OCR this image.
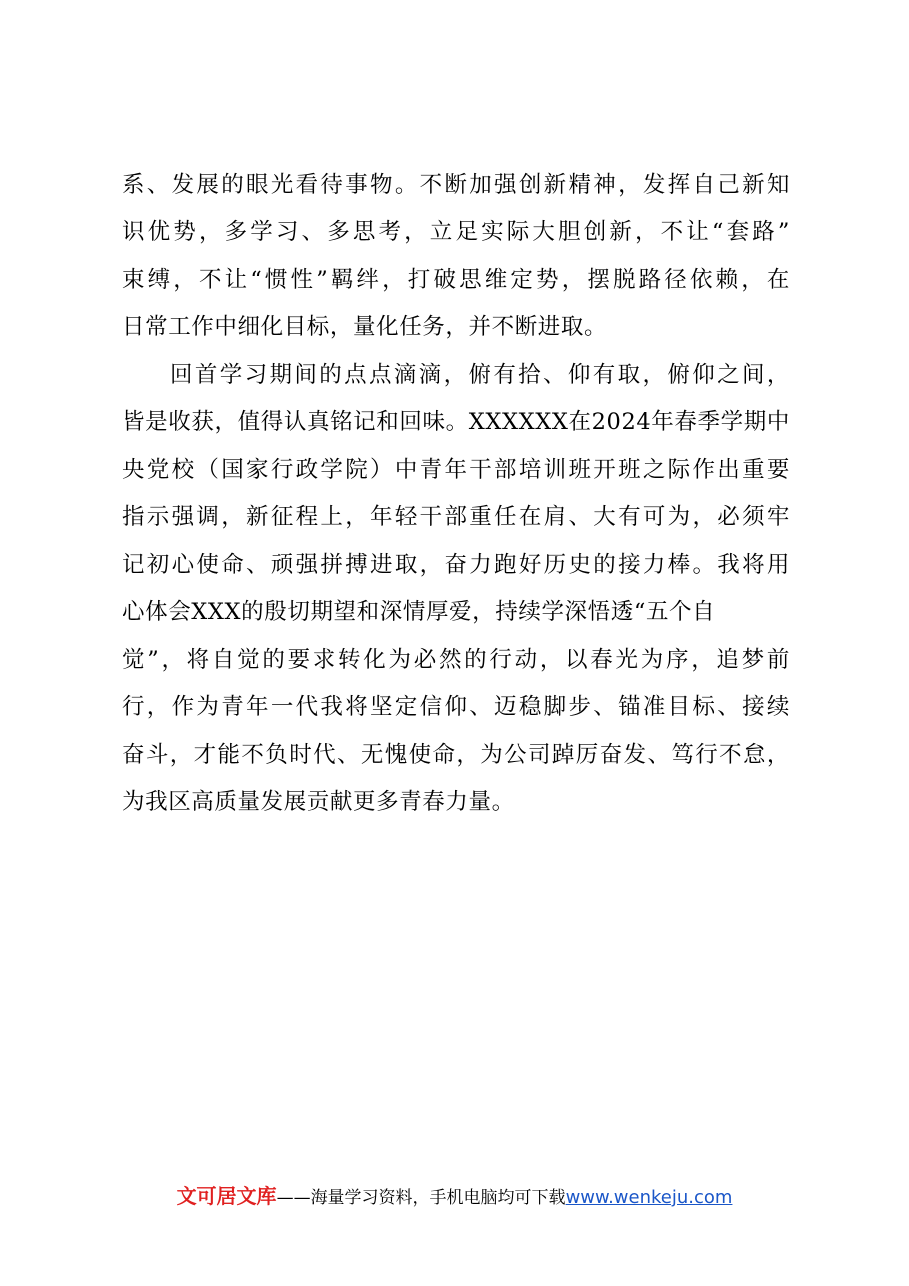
系、发展的眼光看待事物。不断加强创新精神，发挥自己新知
识优势，多学习、多思考，立足实际大胆创新，不让“套路”
束缚，不让“惯性”羁绊，打破思维定势，摆脱路径依赖，在
日常工作中细化目标，量化任务，并不断进取。
回首学习期间的点点滴滴，俯有拾、仰有取，俯仰之间，
皆是收获，值得认真铭记和回味。XXXXXX在2024年春季学期中
央党校（国家行政学院）中青年干部培训班开班之际作出重要
指示强调，新征程上，年轻干部重任在肩、大有可为，必须牢
记初心使命、顽强拼搏进取，奋力跑好历史的接力棒。我将用
心体会XXX的殷切期望和深情厚爱，持续学深悟透“五个自
觉”，将自觉的要求转化为必然的行动，以春光为序，追梦前
行，作为青年一代我将坚定信仰、迈稳脚步、锚准目标、接续
奋斗，才能不负时代、无愧使命，为公司踔厉奋发、笃行不怠，
为我区高质量发展贡献更多青春力量。
文可居文库——海量学习资料，手机电脑均可下载www.wenkeju.com
